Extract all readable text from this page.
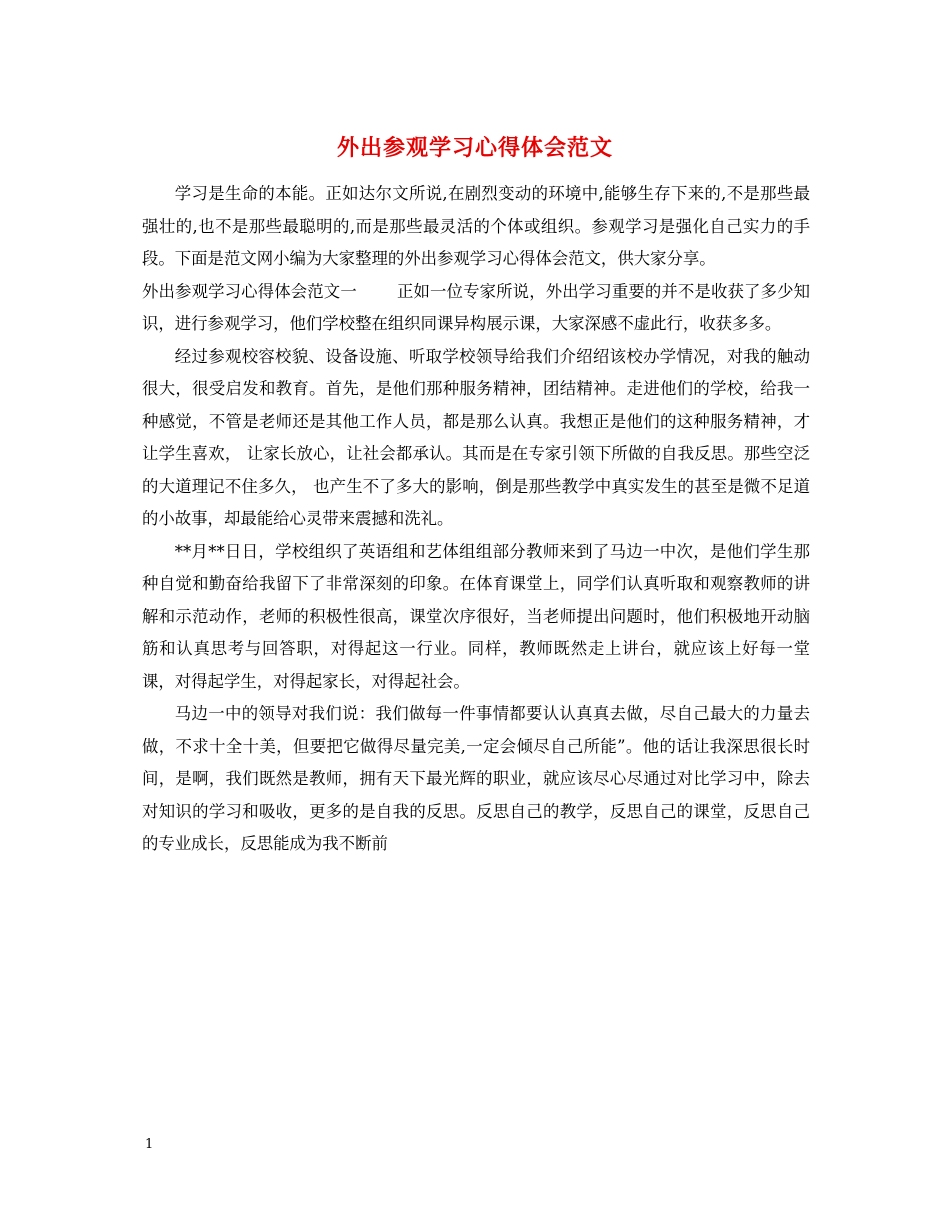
外出参观学习心得体会范文

学习是生命的本能。正如达尔文所说,在剧烈变动的环境中,能够生存下来的,不是那些最强壮的,也不是那些最聪明的,而是那些最灵活的个体或组织。参观学习是强化自己实力的手段。下面是范文网小编为大家整理的外出参观学习心得体会范文，供大家分享。

外出参观学习心得体会范文一 正如一位专家所说，外出学习重要的并不是收获了多少知识，进行参观学习，他们学校整在组织同课异构展示课，大家深感不虚此行，收获多多。

经过参观校容校貌、设备设施、听取学校领导给我们介绍绍该校办学情况，对我的触动很大，很受启发和教育。首先，是他们那种服务精神，团结精神。走进他们的学校，给我一种感觉，不管是老师还是其他工作人员，都是那么认真。我想正是他们的这种服务精神，才让学生喜欢， 让家长放心，让社会都承认。其而是在专家引领下所做的自我反思。那些空泛的大道理记不住多久， 也产生不了多大的影响，倒是那些教学中真实发生的甚至是微不足道的小故事，却最能给心灵带来震撼和洗礼。

**月**日日，学校组织了英语组和艺体组组部分教师来到了马边一中次，是他们学生那种自觉和勤奋给我留下了非常深刻的印象。在体育课堂上，同学们认真听取和观察教师的讲解和示范动作，老师的积极性很高，课堂次序很好，当老师提出问题时，他们积极地开动脑筋和认真思考与回答职，对得起这一行业。同样，教师既然走上讲台，就应该上好每一堂课，对得起学生，对得起家长，对得起社会。

马边一中的领导对我们说：我们做每一件事情都要认认真真去做，尽自己最大的力量去做，不求十全十美，但要把它做得尽量完美,一定会倾尽自己所能”。他的话让我深思很长时间，是啊，我们既然是教师，拥有天下最光辉的职业，就应该尽心尽通过对比学习中，除去对知识的学习和吸收，更多的是自我的反思。反思自己的教学，反思自己的课堂，反思自己的专业成长，反思能成为我不断前

1
